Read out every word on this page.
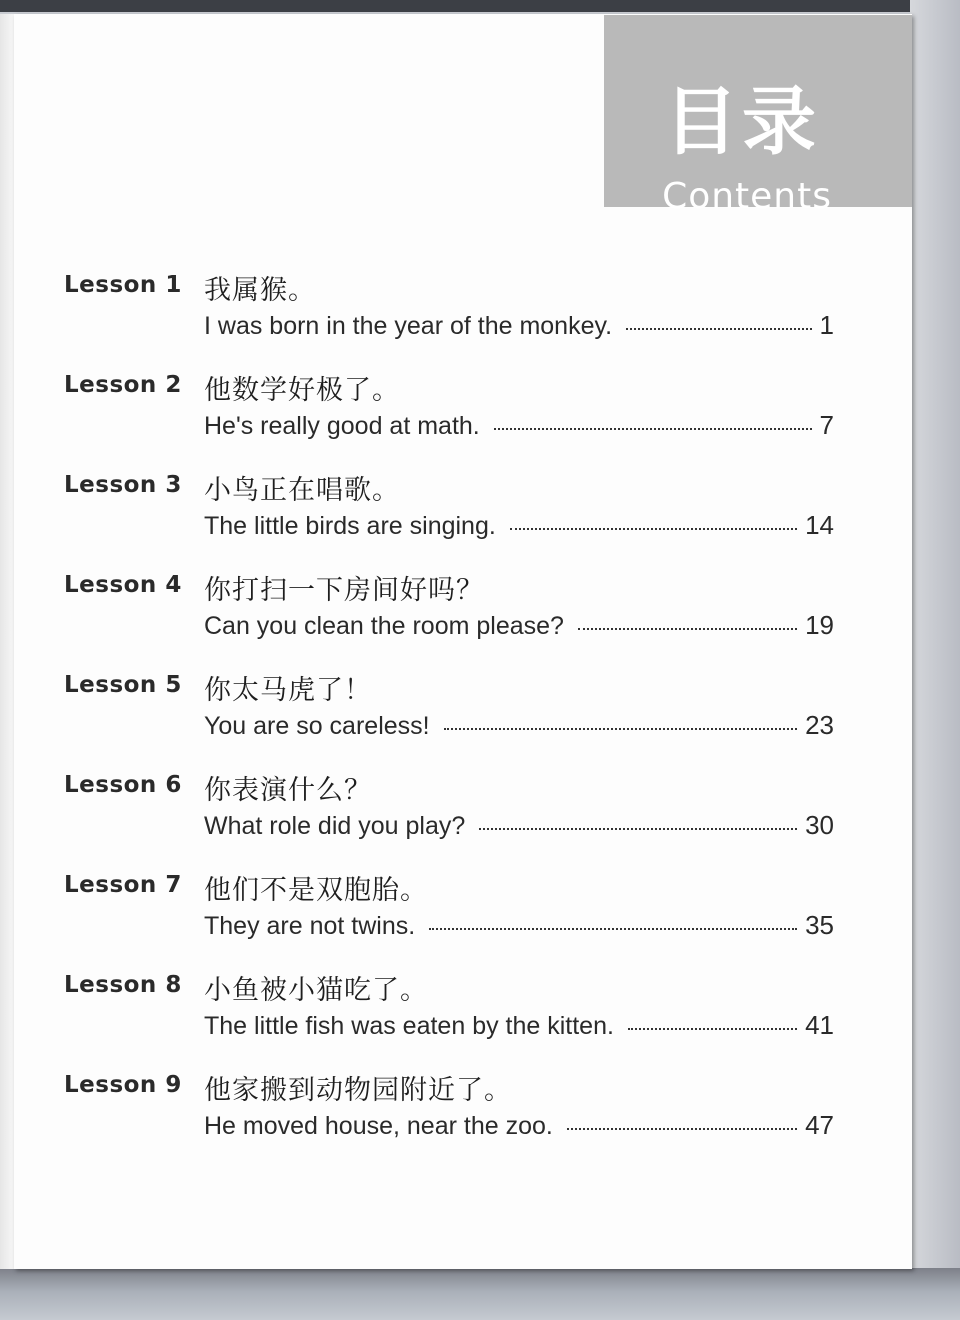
目录
Contents
Lesson 1 我属猴。
I was born in the year of the monkey.	1
Lesson 2 他数学好极了。
He's really good at math.	7
Lesson 3 小鸟正在唱歌。
The little birds are singing.	14
Lesson 4 你打扫一下房间好吗？
Can you clean the room please?	19
Lesson 5 你太马虎了！
You are so careless!	23
Lesson 6 你表演什么？
What role did you play?	30
Lesson 7 他们不是双胞胎。
They are not twins.	35
Lesson 8 小鱼被小猫吃了。
The little fish was eaten by the kitten.	41
Lesson 9 他家搬到动物园附近了。
He moved house, near the zoo.	47
